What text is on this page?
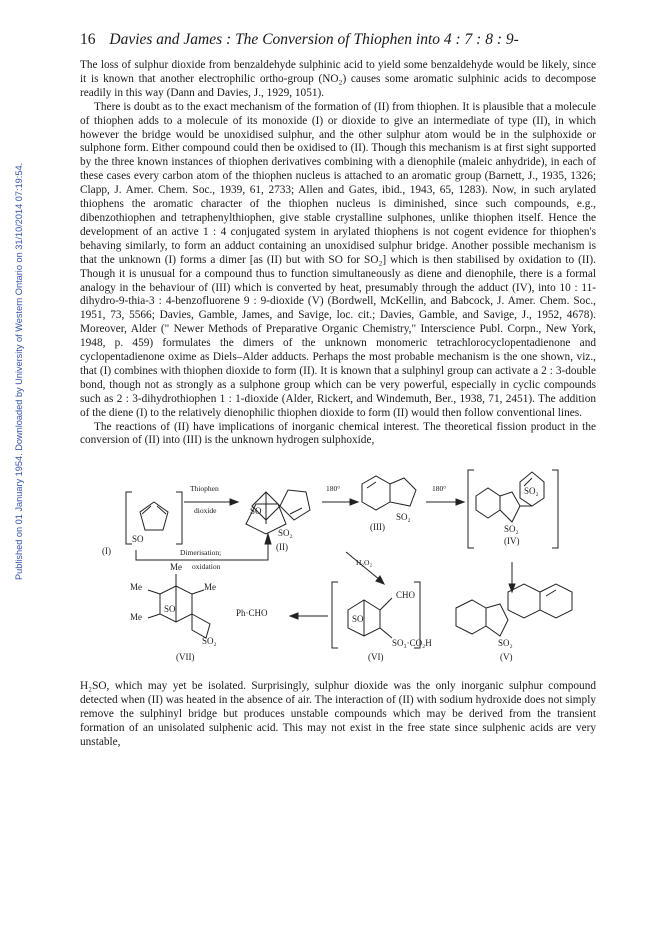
Published on 01 January 1954. Downloaded by University of Western Ontario on 31/10/2014 07:19:54.
16 Davies and James : The Conversion of Thiophen into 4 : 7 : 8 : 9-

The loss of sulphur dioxide from benzaldehyde sulphinic acid to yield some benzaldehyde would be likely, since it is known that another electrophilic ortho-group (NO₂) causes some aromatic sulphinic acids to decompose readily in this way (Dann and Davies, J., 1929, 1051).

There is doubt as to the exact mechanism of the formation of (II) from thiophen. It is plausible that a molecule of thiophen adds to a molecule of its monoxide (I) or dioxide to give an intermediate of type (II), in which however the bridge would be unoxidised sulphur, and the other sulphur atom would be in the sulphoxide or sulphone form. Either compound could then be oxidised to (II). Though this mechanism is at first sight supported by the three known instances of thiophen derivatives combining with a dienophile (maleic anhydride), in each of these cases every carbon atom of the thiophen nucleus is attached to an aromatic group (Barnett, J., 1935, 1326; Clapp, J. Amer. Chem. Soc., 1939, 61, 2733; Allen and Gates, ibid., 1943, 65, 1283). Now, in such arylated thiophens the aromatic character of the thiophen nucleus is diminished, since such compounds, e.g., dibenzothiophen and tetraphenylthiophen, give stable crystalline sulphones, unlike thiophen itself. Hence the development of an active 1 : 4 conjugated system in arylated thiophens is not cogent evidence for thiophen's behaving similarly, to form an adduct containing an unoxidised sulphur bridge. Another possible mechanism is that the unknown (I) forms a dimer [as (II) but with SO for SO₂] which is then stabilised by oxidation to (II). Though it is unusual for a compound thus to function simultaneously as diene and dienophile, there is a formal analogy in the behaviour of (III) which is converted by heat, presumably through the adduct (IV), into 10 : 11-dihydro-9-thia-3 : 4-benzofluorene 9 : 9-dioxide (V) (Bordwell, McKellin, and Babcock, J. Amer. Chem. Soc., 1951, 73, 5566; Davies, Gamble, James, and Savige, loc. cit.; Davies, Gamble, and Savige, J., 1952, 4678). Moreover, Alder (" Newer Methods of Preparative Organic Chemistry," Interscience Publ. Corpn., New York, 1948, p. 459) formulates the dimers of the unknown monomeric tetrachlorocyclopentadienone and cyclopentadienone oxime as Diels–Alder adducts. Perhaps the most probable mechanism is the one shown, viz., that (I) combines with thiophen dioxide to form (II). It is known that a sulphinyl group can activate a 2 : 3-double bond, though not as strongly as a sulphone group which can be very powerful, especially in cyclic compounds such as 2 : 3-dihydrothiophen 1 : 1-dioxide (Alder, Rickert, and Windemuth, Ber., 1938, 71, 2451). The addition of the diene (I) to the relatively dienophilic thiophen dioxide to form (II) would then follow conventional lines.

The reactions of (II) have implications of inorganic chemical interest. The theoretical fission product in the conversion of (II) into (III) is the unknown hydrogen sulphoxide,

SO
(I)
Thiophen
dioxide
Dimerisation;
oxidation
SO
SO₂
(II)
180°
SO₂
(III)
180°	SO₂
SO₂
(IV)
H₂O₂
CHO
SO
SO₃·CO₂H
(VI)
Ph·CHO
Me
Me
Me
Me
SO
SO₂
(VII)
SO₂
(V)

H₂SO, which may yet be isolated. Surprisingly, sulphur dioxide was the only inorganic sulphur compound detected when (II) was heated in the absence of air. The interaction of (II) with sodium hydroxide does not simply remove the sulphinyl bridge but produces unstable compounds which may be derived from the transient formation of an unisolated sulphenic acid. This may not exist in the free state since sulphenic acids are very unstable,
